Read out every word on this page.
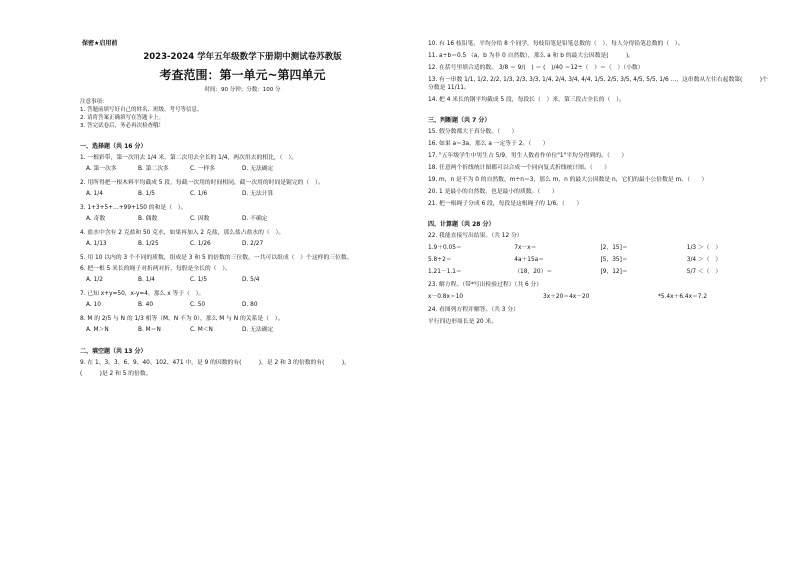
保密★启用前
2023-2024 学年五年级数学下册期中测试卷苏教版
考查范围：第一单元~第四单元
时间：90 分钟；分数：100 分
注意事项：
1. 答题前填写好自己的姓名、班级、考号等信息。
2. 请将答案正确填写在答题卡上。
3. 答完试卷后，务必再次检查哦！
一、选择题（共 16 分）
1. 一根彩带，第一次用去 1/4 米，第二次用去全长的 1/4，两次用去的相比，（　）。
A. 第一次多	B. 第二次多	C. 一样多	D. 无法确定
2. 用所得把一根木料平均截成 5 段，每截一次用的时间相同，截一次用的时间是锯完的（　）。
A. 1/4	B. 1/5	C. 1/6	D. 无法计算
3. 1+3+5+…+99+150 的和是（　）。
A. 奇数	B. 偶数	C. 因数	D. 不确定
4. 盐水中含有 2 克盐和 50 克水，如果再加入 2 克盐，那么盐占盐水的（　）。
A. 1/13	B. 1/25	C. 1/26	D. 2/27
5. 用 10 以内的 3 个不同的质数，组成是 3 和 5 的倍数的三位数，一共可以组成（　）个这样的三位数。
6. 把一根 5 米长的绳子对折两对折，每股是全长的（　）。
A. 1/2	B. 1/4	C. 1/5	D. 5/4
7. 已知 x+y=50，x-y=4，那么 x 等于（　）。
A. 10	B. 40	C. 50	D. 80
8. M 的 2/5 与 N 的 1/3 相等（M、N 不为 0），那么 M 与 N 的关系是（　）。
A. M＞N	B. M＝N	C. M＜N	D. 无法确定
二、填空题（共 13 分）
9. 在 1、3、3、6、9、40、102、471 中，是 9 的因数的有(　　　)，是 2 和 3 的倍数的有(　　　)，
(　　　)是 2 和 5 的倍数。
10. 有 16 枝铅笔，平均分给 8 个同学，每枝铅笔是铅笔总数的（　），每人分得铅笔总数的（　）。
11. a÷b＝0.5 （a，b 为非 0 自然数），那么 a 和 b 的最大公因数是(　　　)。
12. 在括号里填合适的数。 3/8 ＝ 9/(　) ＝ (　)/40 ＝12÷（　）＝（　）（小数）
13. 有一串数 1/1, 1/2, 2/2, 1/3, 2/3, 3/3, 1/4, 2/4, 3/4, 4/4, 1/5, 2/5, 3/5, 4/5, 5/5, 1/6 …，这串数从左往右起数第(　　　)个分数是 11/11。
14. 把 4 米长的钢平均截成 5 段，每段长（　）米，第三段占全长的（　）。
三、判断题（共 7 分）
15. 假分数都大于真分数。（　　）
16. 如果 a＝3a，那么 a 一定等于 2。（　　）
17. "五年级学生中男生占 5/9，男生人数看作单位"1"平均分得到的。（　　）
18. 任意两个折线统计图都可以合成一个同向复式折线统计图。（　　）
19. m，n 是不为 0 的自然数，m÷n＝3，那么 m，n 的最大公因数是 n，它们的最小公倍数是 m。（　　）
20. 1 是最小的自然数，也是最小的质数。（　　）
21. 把一根绳子分成 6 段，每段是这根绳子的 1/6。（　　）
四、计算题（共 28 分）
22. 我能直接写出结果。（共 12 分）
1.9＋0.05＝	7x－x＝	[2，15]＝	1/3 ＞（　）
5.8÷2＝	4a＋15a＝	[5，35]＝	3/4 ＞（　）
1.21－1.1＝	（18，20）＝	[9，12]＝	5/7 ＜（　）
23. 解方程。（带*写出检验过程）（共 6 分）
x－0.8x＝10	3x＋20＝4x－20	*5.4x＋6.4x＝7.2
24. 看图列方程并解答。（共 3 分）
平行四边形周长是 20 米。
